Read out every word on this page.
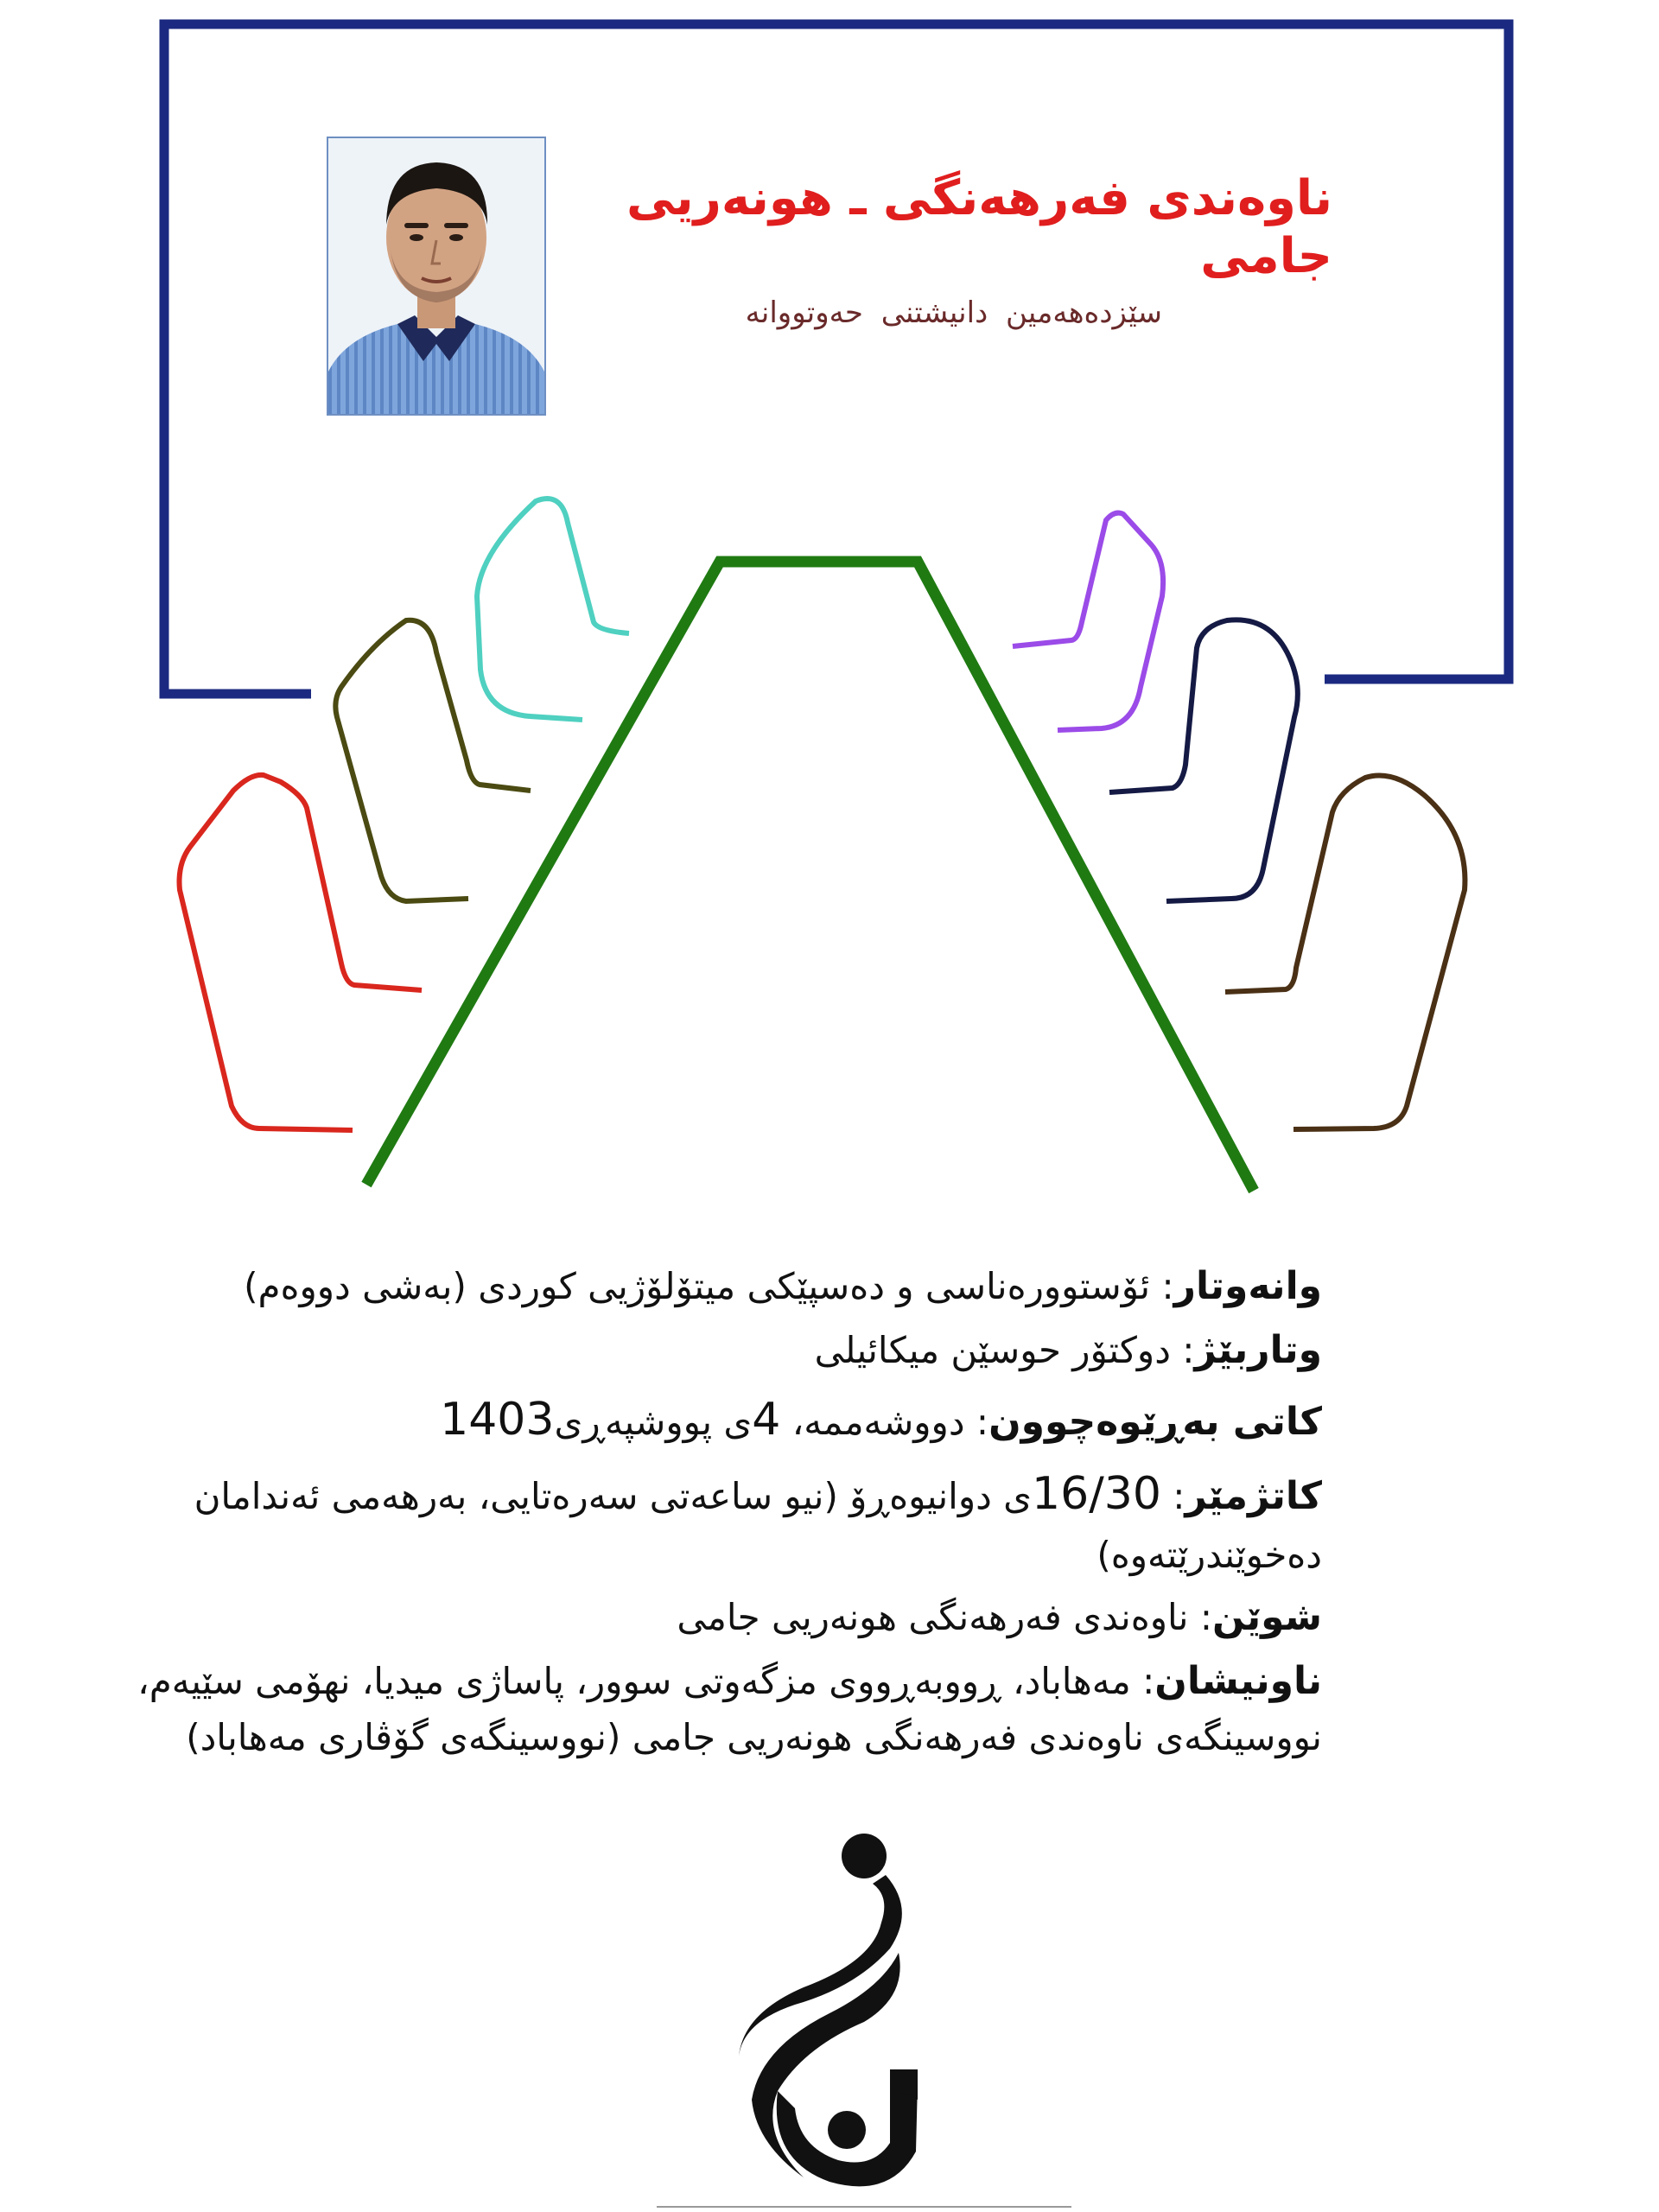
ناوەندی فەرهەنگی ـ هونەریی جامی
سێزدەهەمین دانیشتنی حەوتووانە
وانەوتار: ئۆستوورەناسی و دەسپێکی میتۆلۆژیی کوردی (بەشی دووەم)
وتاربێژ: دوکتۆر حوسێن میکائیلی
کاتی بەڕێوەچوون: دووشەممە، 4ی پووشپەڕی1403
کاتژمێر: 16/30ی دوانیوەڕۆ (نیو ساعەتی سەرەتایی، بەرهەمی ئەندامان دەخوێندرێتەوە)
شوێن: ناوەندی فەرهەنگی هونەریی جامی
ناونیشان: مەهاباد، ڕووبەڕووی مزگەوتی سوور، پاساژی میدیا، نهۆمی سێیەم، نووسینگەی ناوەندی فەرهەنگی هونەریی جامی (نووسینگەی گۆڤاری مەهاباد)
